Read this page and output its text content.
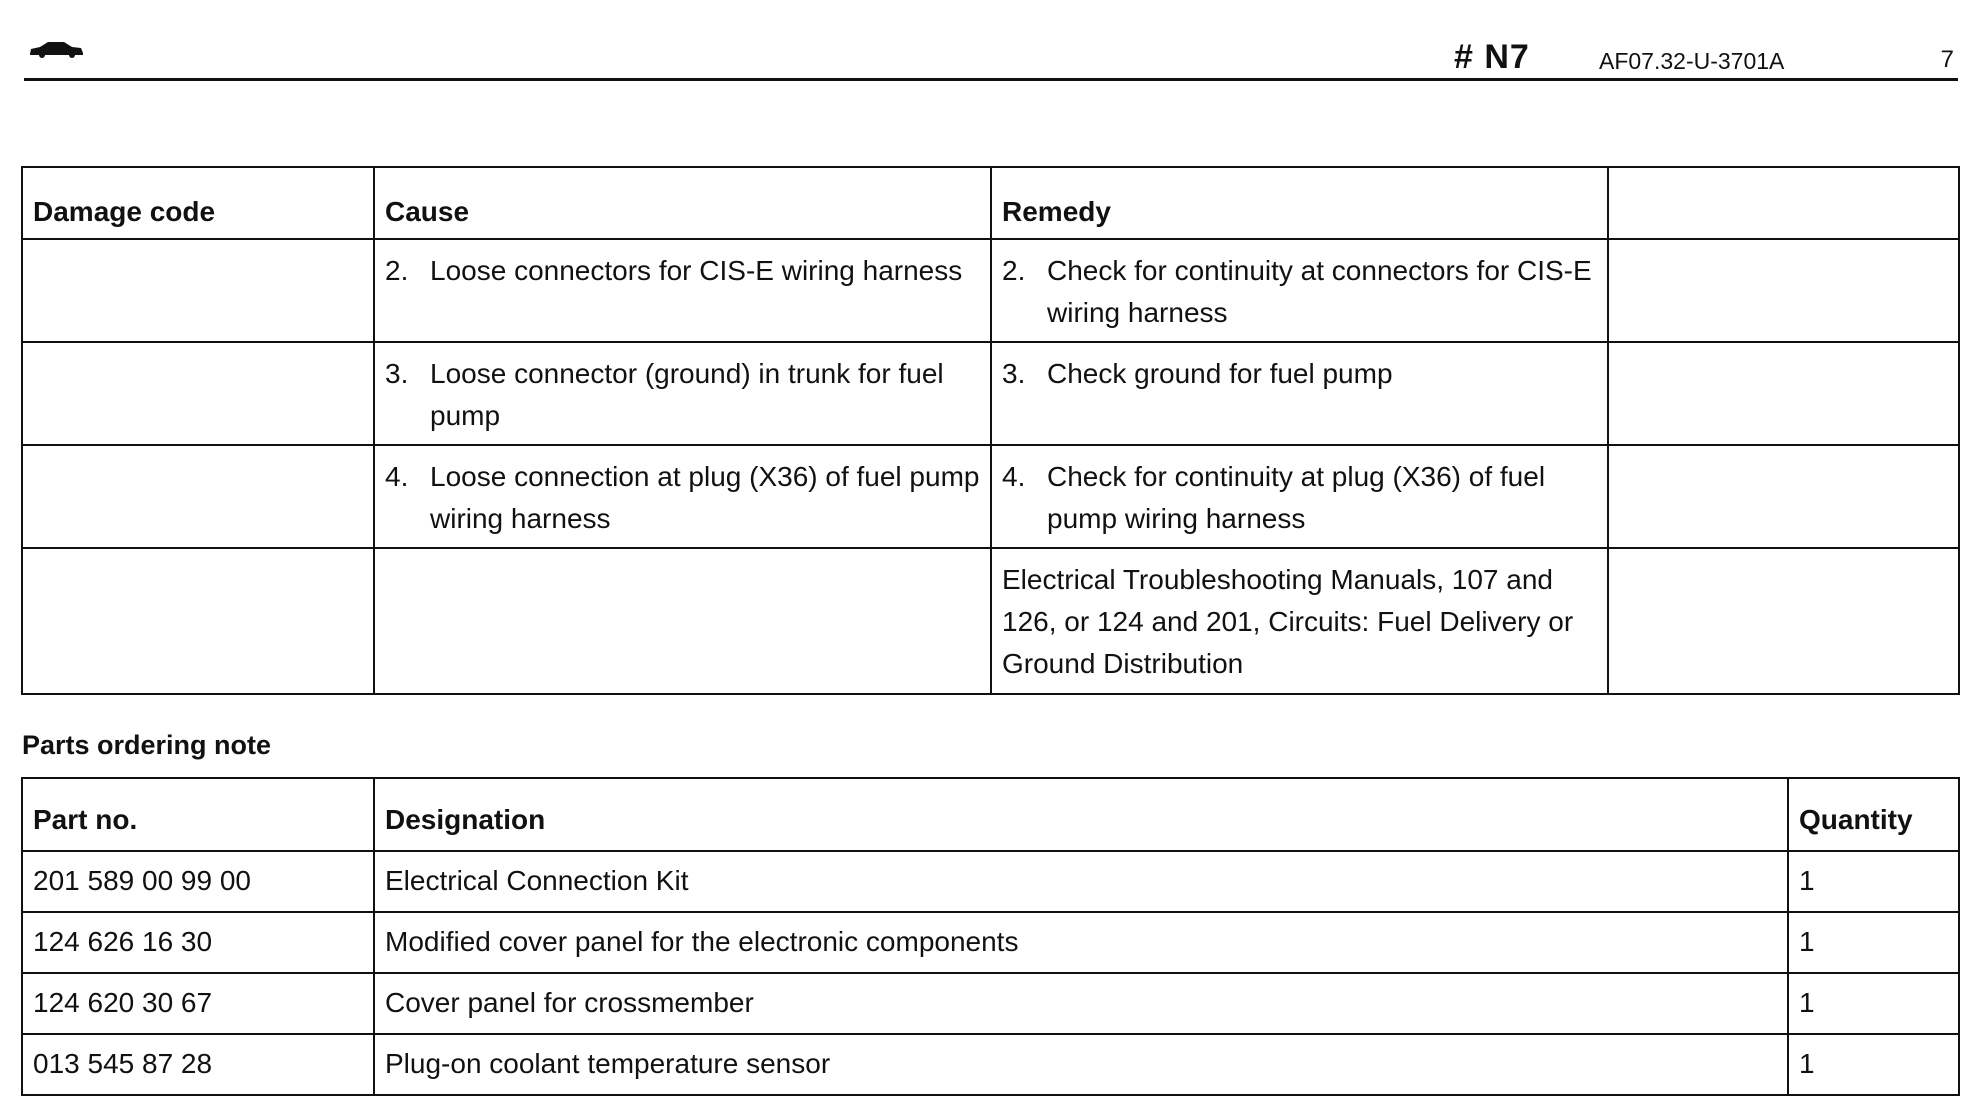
# N7	AF07.32-U-3701A	7
Damage code	Cause	Remedy	

	2. Loose connectors for CIS-E wiring harness	2. Check for continuity at connectors for CIS-E wiring harness	

	3. Loose connector (ground) in trunk for fuel pump	3. Check ground for fuel pump	

	4. Loose connection at plug (X36) of fuel pump wiring harness	4. Check for continuity at plug (X36) of fuel pump wiring harness	

		Electrical Troubleshooting Manuals, 107 and 126, or 124 and 201, Circuits: Fuel Delivery or Ground Distribution	
Parts ordering note
Part no.	Designation	Quantity
201 589 00 99 00	Electrical Connection Kit	1
124 626 16 30	Modified cover panel for the electronic components	1
124 620 30 67	Cover panel for crossmember	1
013 545 87 28	Plug-on coolant temperature sensor	1
